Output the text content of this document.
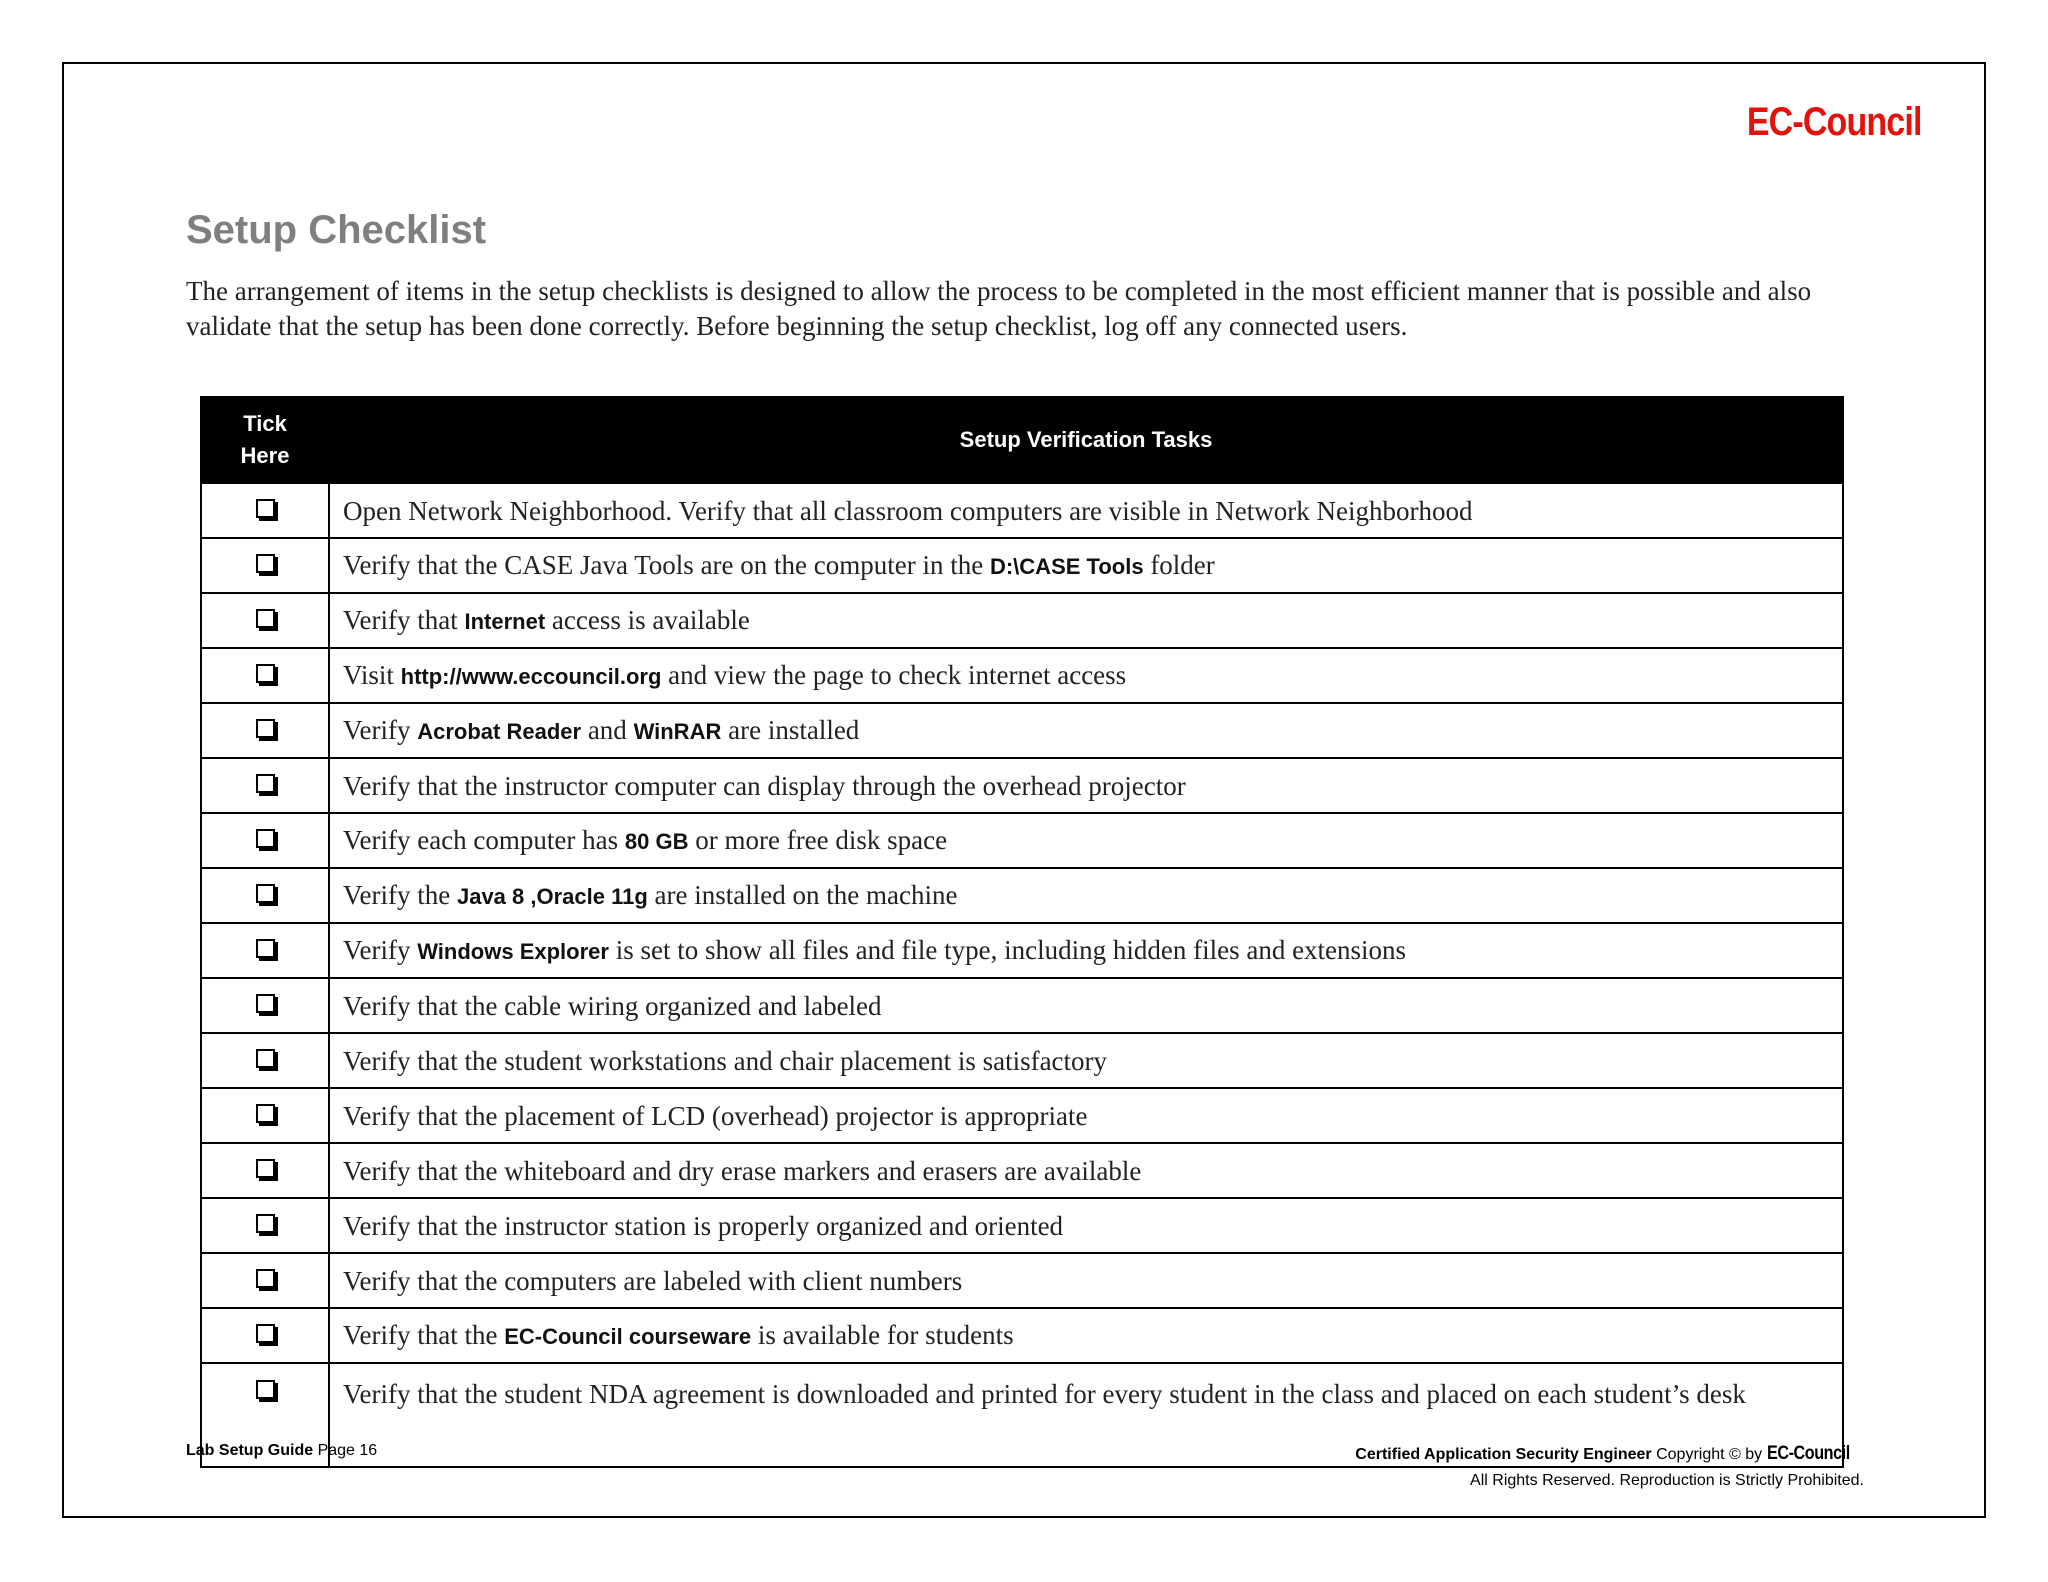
EC-Council
Setup Checklist

The arrangement of items in the setup checklists is designed to allow the process to be completed in the most efficient manner that is possible and also validate that the setup has been done correctly. Before beginning the setup checklist, log off any connected users.

Tick
Here	Setup Verification Tasks
	Open Network Neighborhood. Verify that all classroom computers are visible in Network Neighborhood
	Verify that the CASE Java Tools are on the computer in the D:\CASE Tools folder
	Verify that Internet access is available
	Visit http://www.eccouncil.org and view the page to check internet access
	Verify Acrobat Reader and WinRAR are installed
	Verify that the instructor computer can display through the overhead projector
	Verify each computer has 80 GB or more free disk space
	Verify the Java 8 ,Oracle 11g are installed on the machine
	Verify Windows Explorer is set to show all files and file type, including hidden files and extensions
	Verify that the cable wiring organized and labeled
	Verify that the student workstations and chair placement is satisfactory
	Verify that the placement of LCD (overhead) projector is appropriate
	Verify that the whiteboard and dry erase markers and erasers are available
	Verify that the instructor station is properly organized and oriented
	Verify that the computers are labeled with client numbers
	Verify that the EC-Council courseware is available for students
	Verify that the student NDA agreement is downloaded and printed for every student in the class and placed on each student’s desk
Lab Setup Guide Page 16	Certified Application Security Engineer Copyright © by EC-Council
All Rights Reserved. Reproduction is Strictly Prohibited.
